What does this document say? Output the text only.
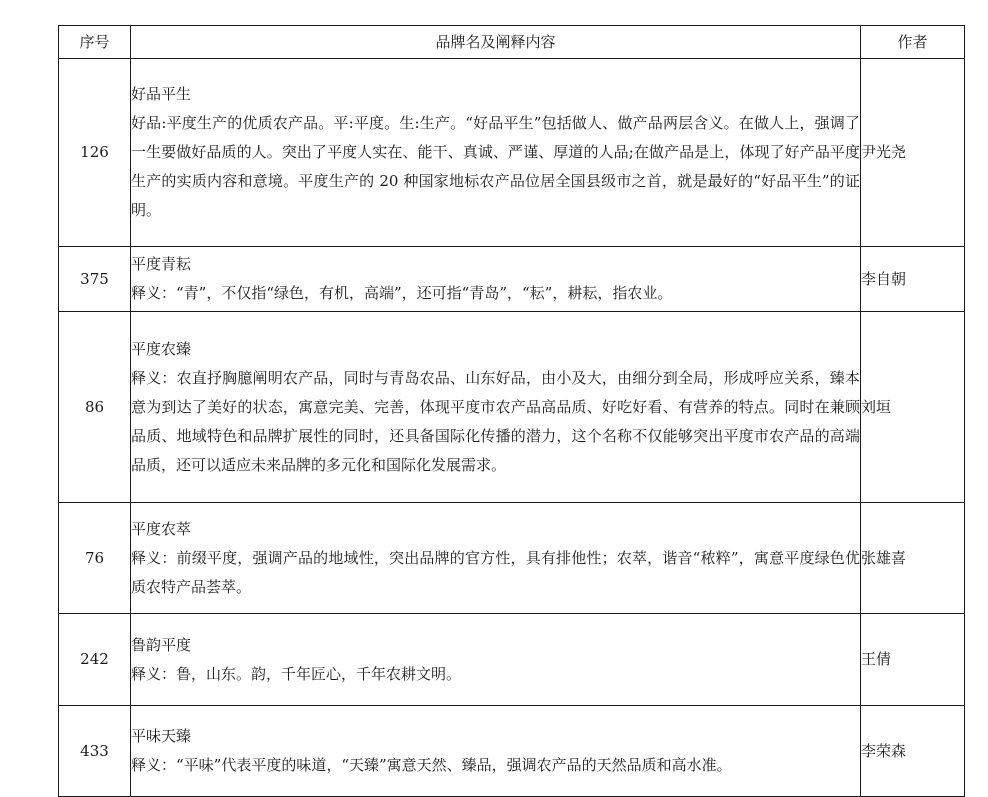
序号	品牌名及阐释内容	作者
126	好品平生
好品:平度生产的优质农产品。平:平度。生:生产。“好品平生”包括做人、做产品两层含义。在做人上，强调了一生要做好品质的人。突出了平度人实在、能干、真诚、严谨、厚道的人品;在做产品是上，体现了好产品平度生产的实质内容和意境。平度生产的 20 种国家地标农产品位居全国县级市之首，就是最好的“好品平生”的证明。	尹光尧
375	平度青耘
释义：“青”，不仅指“绿色，有机，高端”，还可指“青岛”，“耘”，耕耘，指农业。	李自朝
86	平度农臻
释义：农直抒胸臆阐明农产品，同时与青岛农品、山东好品，由小及大，由细分到全局，形成呼应关系，臻本意为到达了美好的状态，寓意完美、完善，体现平度市农产品高品质、好吃好看、有营养的特点。同时在兼顾品质、地域特色和品牌扩展性的同时，还具备国际化传播的潜力，这个名称不仅能够突出平度市农产品的高端品质，还可以适应未来品牌的多元化和国际化发展需求。	刘垣
76	平度农萃
释义：前缀平度，强调产品的地域性，突出品牌的官方性，具有排他性；农萃，谐音“秾粹”，寓意平度绿色优质农特产品荟萃。	张雄喜
242	鲁韵平度
释义：鲁，山东。韵，千年匠心，千年农耕文明。	王倩
433	平味天臻
释义：“平味”代表平度的味道，“天臻”寓意天然、臻品，强调农产品的天然品质和高水准。	李荣森
